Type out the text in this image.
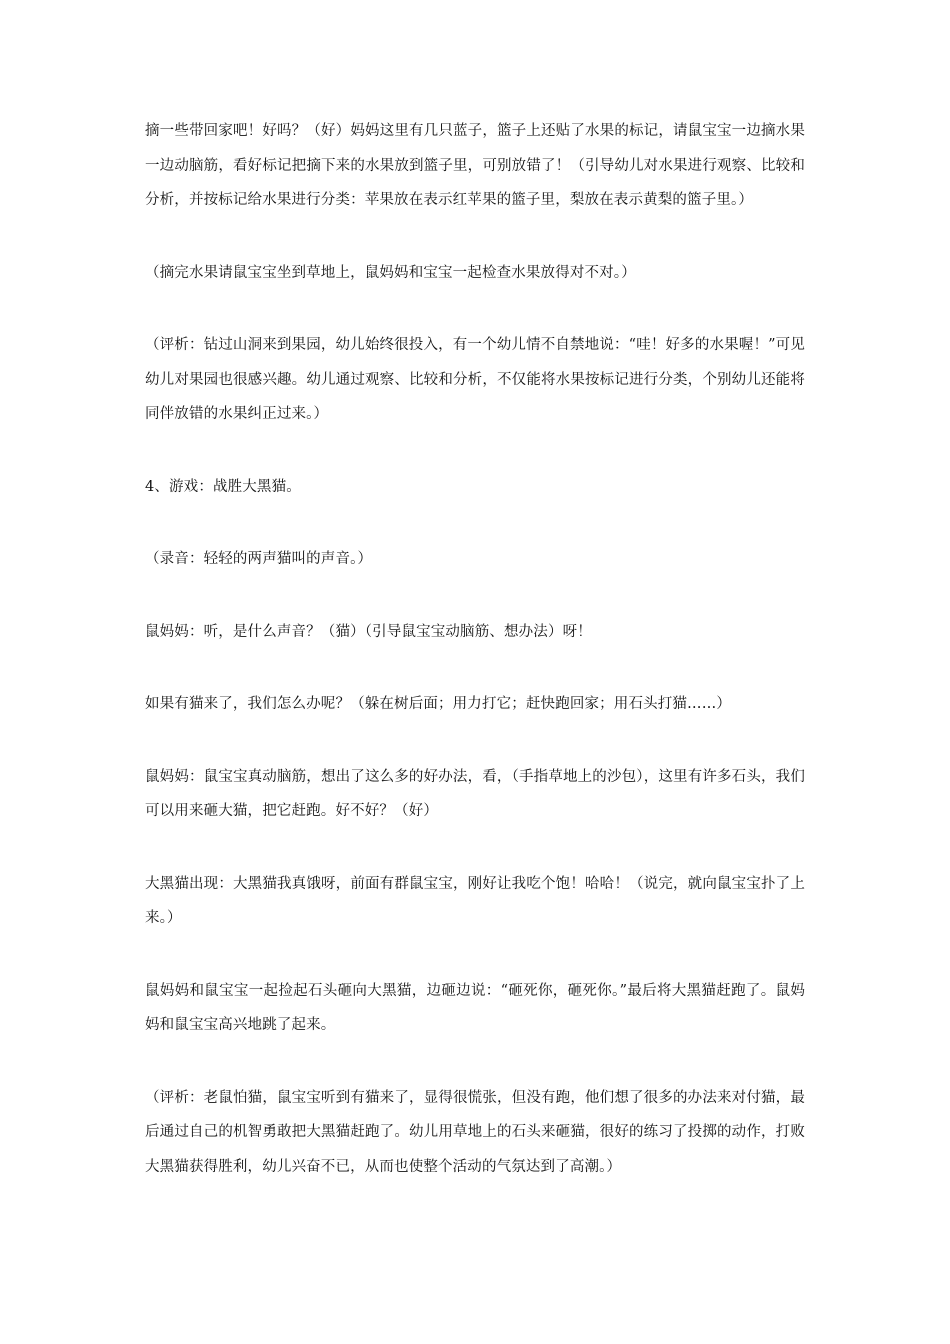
摘一些带回家吧！好吗？（好）妈妈这里有几只蓝子，篮子上还贴了水果的标记，请鼠宝宝一边摘水果一边动脑筋，看好标记把摘下来的水果放到篮子里，可别放错了！（引导幼儿对水果进行观察、比较和分析，并按标记给水果进行分类：苹果放在表示红苹果的篮子里，梨放在表示黄梨的篮子里。）

（摘完水果请鼠宝宝坐到草地上，鼠妈妈和宝宝一起检查水果放得对不对。）

（评析：钻过山洞来到果园，幼儿始终很投入，有一个幼儿情不自禁地说：“哇！好多的水果喔！”可见幼儿对果园也很感兴趣。幼儿通过观察、比较和分析，不仅能将水果按标记进行分类，个别幼儿还能将同伴放错的水果纠正过来。）

4、游戏：战胜大黑猫。

（录音：轻轻的两声猫叫的声音。）

鼠妈妈：听，是什么声音？（猫）（引导鼠宝宝动脑筋、想办法）呀！

如果有猫来了，我们怎么办呢？（躲在树后面；用力打它；赶快跑回家；用石头打猫……）

鼠妈妈：鼠宝宝真动脑筋，想出了这么多的好办法，看，（手指草地上的沙包），这里有许多石头，我们可以用来砸大猫，把它赶跑。好不好？（好）

大黑猫出现：大黑猫我真饿呀，前面有群鼠宝宝，刚好让我吃个饱！哈哈！（说完，就向鼠宝宝扑了上来。）

鼠妈妈和鼠宝宝一起捡起石头砸向大黑猫，边砸边说：“砸死你，砸死你。”最后将大黑猫赶跑了。鼠妈妈和鼠宝宝高兴地跳了起来。

（评析：老鼠怕猫，鼠宝宝听到有猫来了，显得很慌张，但没有跑，他们想了很多的办法来对付猫，最后通过自己的机智勇敢把大黑猫赶跑了。幼儿用草地上的石头来砸猫，很好的练习了投掷的动作，打败大黑猫获得胜利，幼儿兴奋不已，从而也使整个活动的气氛达到了高潮。）
